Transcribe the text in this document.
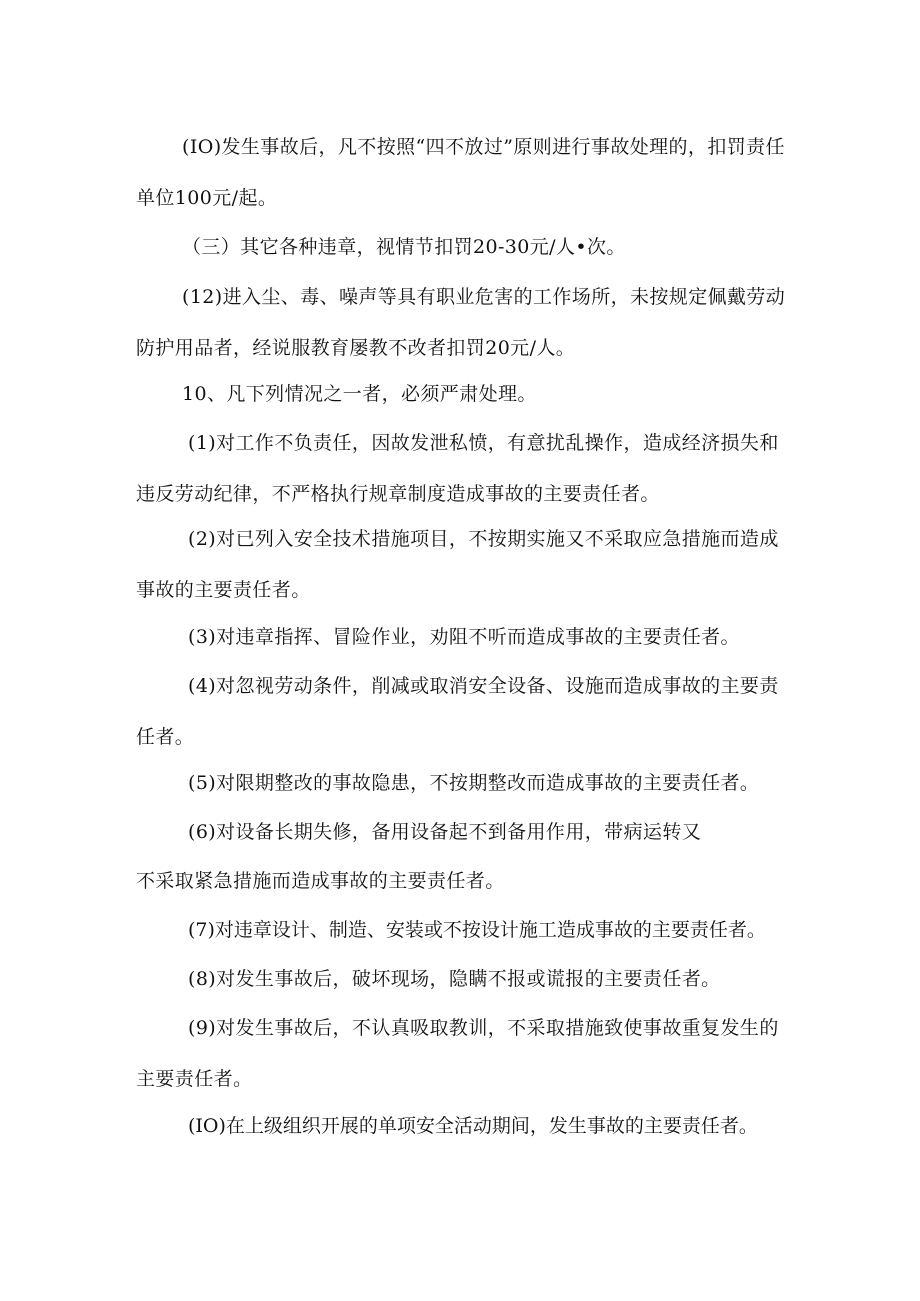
(IO)发生事故后，凡不按照“四不放过”原则进行事故处理的，扣罚责任单位100元/起。

（三）其它各种违章，视情节扣罚20-30元/人•次。

(12)进入尘、毒、噪声等具有职业危害的工作场所，未按规定佩戴劳动防护用品者，经说服教育屡教不改者扣罚20元/人。

10、凡下列情况之一者，必须严肃处理。

(1)对工作不负责任，因故发泄私愤，有意扰乱操作，造成经济损失和违反劳动纪律，不严格执行规章制度造成事故的主要责任者。

(2)对已列入安全技术措施项目，不按期实施又不采取应急措施而造成事故的主要责任者。

(3)对违章指挥、冒险作业，劝阻不听而造成事故的主要责任者。

(4)对忽视劳动条件，削减或取消安全设备、设施而造成事故的主要责任者。

(5)对限期整改的事故隐患，不按期整改而造成事故的主要责任者。

(6)对设备长期失修，备用设备起不到备用作用，带病运转又

不采取紧急措施而造成事故的主要责任者。

(7)对违章设计、制造、安装或不按设计施工造成事故的主要责任者。

(8)对发生事故后，破坏现场，隐瞒不报或谎报的主要责任者。

(9)对发生事故后，不认真吸取教训，不采取措施致使事故重复发生的主要责任者。

(IO)在上级组织开展的单项安全活动期间，发生事故的主要责任者。
